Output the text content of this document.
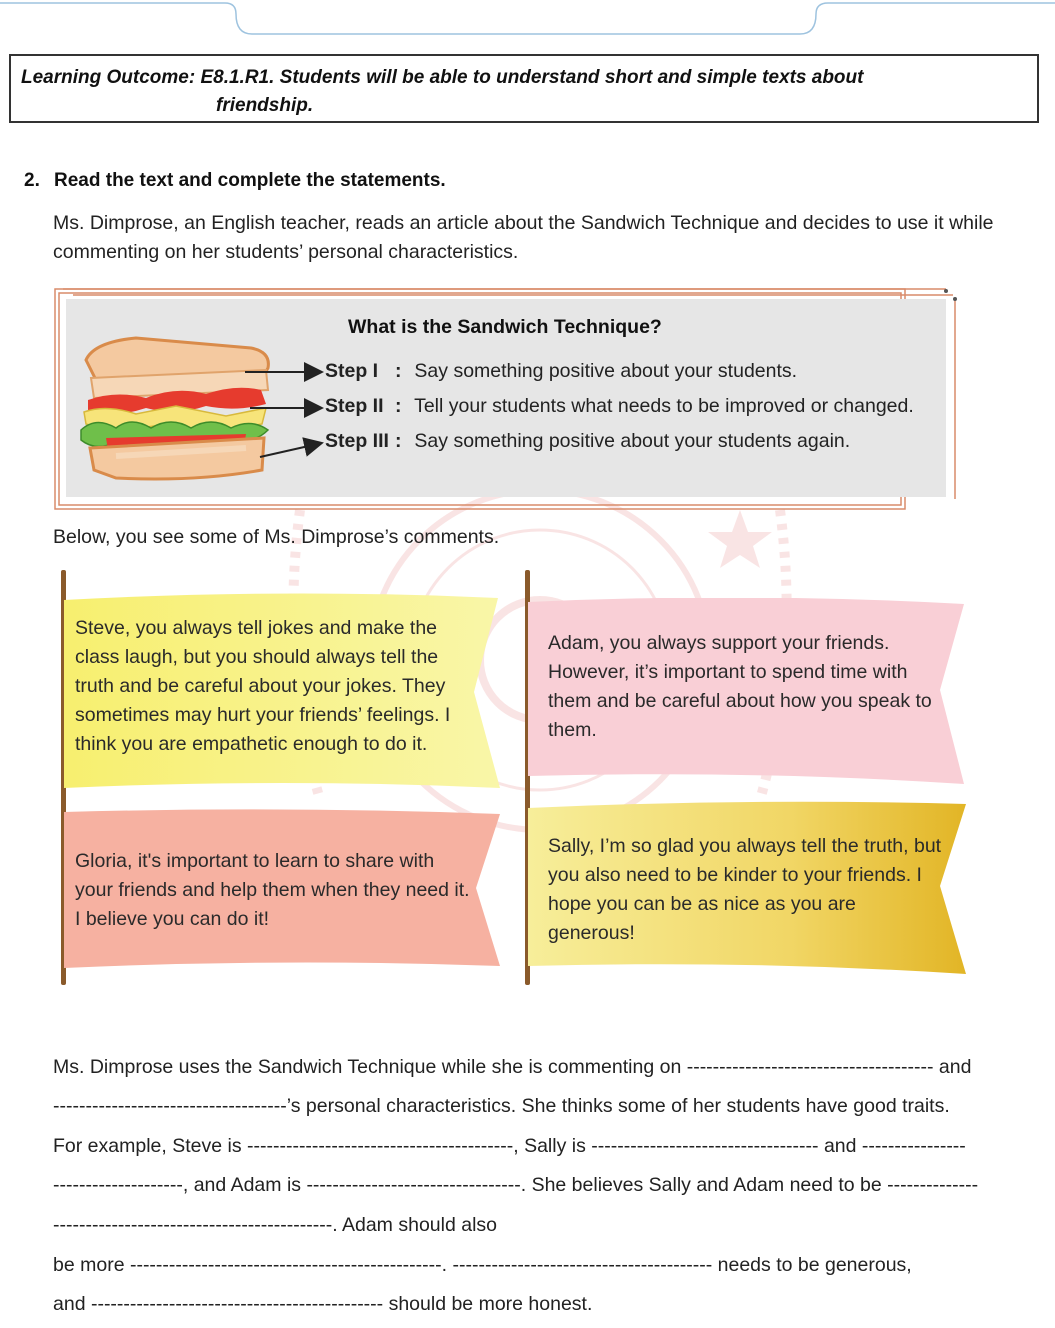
Learning Outcome: E8.1.R1. Students will be able to understand short and simple texts about
friendship.
2. Read the text and complete the statements.
Ms. Dimprose, an English teacher, reads an article about the Sandwich Technique and decides to use it while commenting on her students’ personal characteristics.
What is the Sandwich Technique?
Step I : Say something positive about your students.
Step II : Tell your students what needs to be improved or changed.
Step III : Say something positive about your students again.
Below, you see some of Ms. Dimprose’s comments.
Steve, you always tell jokes and make the class laugh, but you should always tell the truth and be careful about your jokes. They sometimes may hurt your friends’ feelings. I think you are empathetic enough to do it.
Adam, you always support your friends. However, it’s important to spend time with them and be careful about how you speak to them.
Gloria, it's important to learn to share with your friends and help them when they need it. I believe you can do it!
Sally, I’m so glad you always tell the truth, but you also need to be kinder to your friends. I hope you can be as nice as you are generous!
Ms. Dimprose uses the Sandwich Technique while she is commenting on -------------------------------------- and
------------------------------------’s personal characteristics. She thinks some of her students have good traits.
For example, Steve is -----------------------------------------, Sally is ----------------------------------- and ----------------
--------------------, and Adam is ---------------------------------. She believes Sally and Adam need to be --------------
-------------------------------------------. Adam should also
be more ------------------------------------------------. ---------------------------------------- needs to be generous,
and --------------------------------------------- should be more honest.
